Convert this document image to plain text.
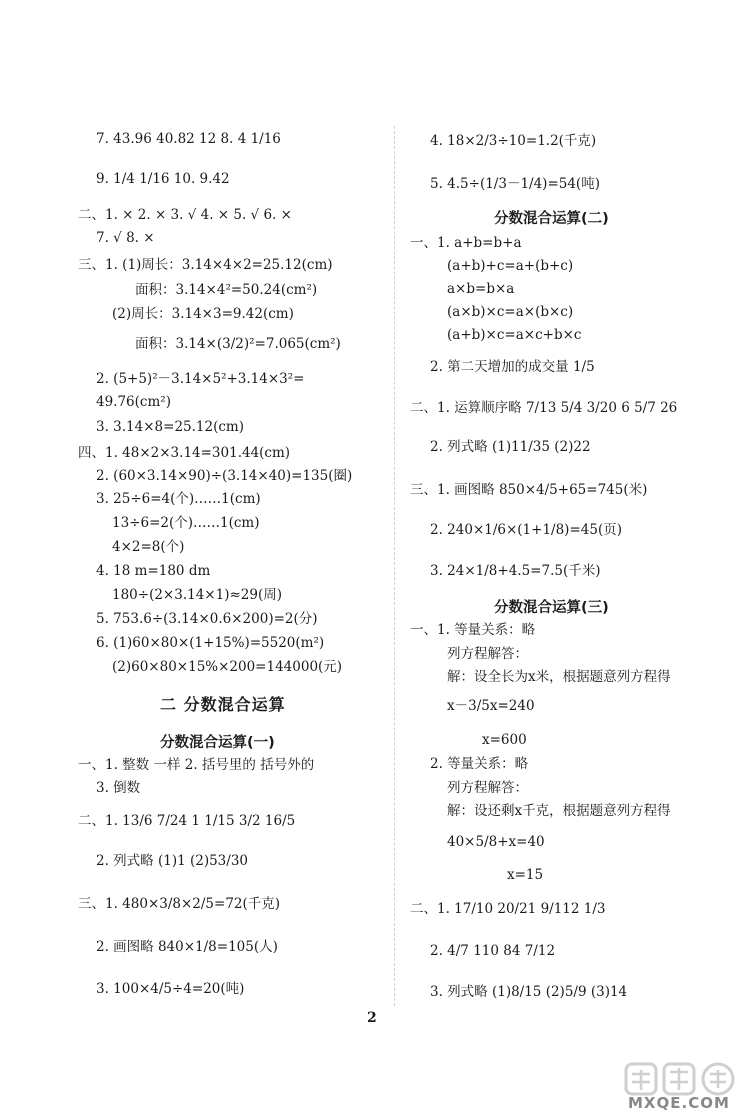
7. 43.96 40.82 12 8. 4 1/16
9. 1/4 1/16 10. 9.42
二、1. × 2. × 3. √ 4. × 5. √ 6. ×
7. √ 8. ×
三、1. (1)周长：3.14×4×2=25.12(cm)
面积：3.14×4²=50.24(cm²)
(2)周长：3.14×3=9.42(cm)
面积：3.14×(3/2)²=7.065(cm²)
2. (5+5)²－3.14×5²+3.14×3²=
49.76(cm²)
3. 3.14×8=25.12(cm)
四、1. 48×2×3.14=301.44(cm)
2. (60×3.14×90)÷(3.14×40)=135(圈)
3. 25÷6=4(个)……1(cm)
13÷6=2(个)……1(cm)
4×2=8(个)
4. 18 m=180 dm
180÷(2×3.14×1)≈29(周)
5. 753.6÷(3.14×0.6×200)=2(分)
6. (1)60×80×(1+15%)=5520(m²)
(2)60×80×15%×200=144000(元)
二 分数混合运算
分数混合运算(一)
一、1. 整数 一样 2. 括号里的 括号外的
3. 倒数
二、1. 13/6 7/24 1 1/15 3/2 16/5
2. 列式略 (1)1 (2)53/30
三、1. 480×3/8×2/5=72(千克)
2. 画图略 840×1/8=105(人)
3. 100×4/5÷4=20(吨)
4. 18×2/3÷10=1.2(千克)
5. 4.5÷(1/3－1/4)=54(吨)
分数混合运算(二)
一、1. a+b=b+a
(a+b)+c=a+(b+c)
a×b=b×a
(a×b)×c=a×(b×c)
(a+b)×c=a×c+b×c
2. 第二天增加的成交量 1/5
二、1. 运算顺序略 7/13 5/4 3/20 6 5/7 26
2. 列式略 (1)11/35 (2)22
三、1. 画图略 850×4/5+65=745(米)
2. 240×1/6×(1+1/8)=45(页)
3. 24×1/8+4.5=7.5(千米)
分数混合运算(三)
一、1. 等量关系：略
列方程解答：
解：设全长为x米，根据题意列方程得
x－3/5x=240
x=600
2. 等量关系：略
列方程解答：
解：设还剩x千克，根据题意列方程得
40×5/8+x=40
x=15
二、1. 17/10 20/21 9/112 1/3
2. 4/7 110 84 7/12
3. 列式略 (1)8/15 (2)5/9 (3)14
2
MXQE.COM
